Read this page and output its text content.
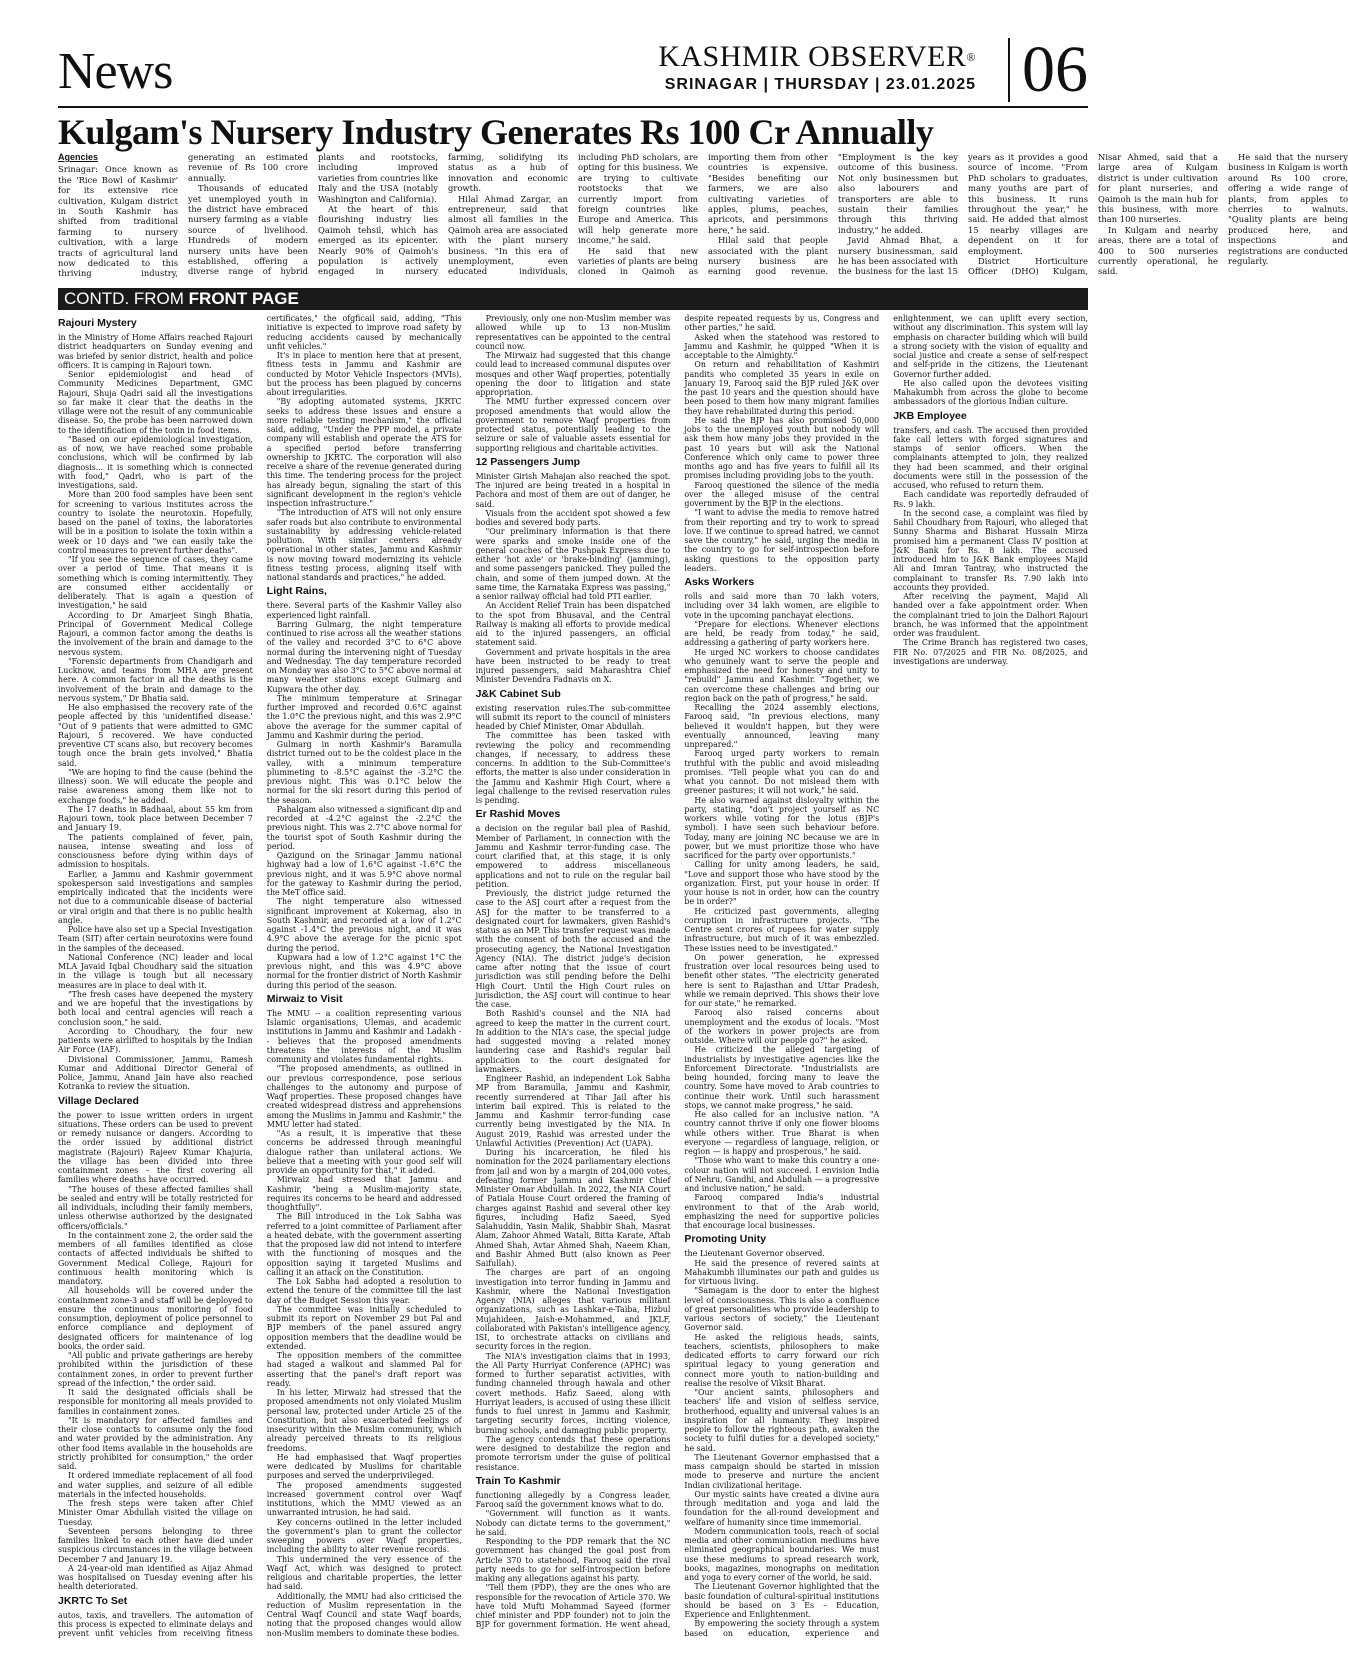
News	KASHMIR OBSERVER®
SRINAGAR | THURSDAY | 23.01.2025 06
Kulgam's Nursery Industry Generates Rs 100 Cr Annually
Agencies

Srinagar: Once known as the 'Rice Bowl of Kashmir' for its extensive rice cultivation, Kulgam district in South Kashmir has shifted from traditional farming to nursery cultivation, with a large tracts of agricultural land now dedicated to this thriving industry, generating an estimated revenue of Rs 100 crore annually.

Thousands of educated yet unemployed youth in the district have embraced nursery farming as a viable source of livelihood. Hundreds of modern nursery units have been established, offering a diverse range of hybrid plants and rootstocks, including improved varieties from countries like Italy and the USA (notably Washington and California).

At the heart of this flourishing industry lies Qaimoh tehsil, which has emerged as its epicenter. Nearly 90% of Qaimoh's population is actively engaged in nursery farming, solidifying its status as a hub of innovation and economic growth.

Hilal Ahmad Zargar, an entrepreneur, said that almost all families in the Qaimoh area are associated with the plant nursery business. "In this era of unemployment, even educated individuals, including PhD scholars, are opting for this business. We are trying to cultivate rootstocks that we currently import from foreign countries like Europe and America. This will help generate more income," he said.

He said that new varieties of plants are being cloned in Qaimoh as importing them from other countries is expensive. "Besides benefiting our farmers, we are also cultivating varieties of apples, plums, peaches, apricots, and persimmons here," he said.

Hilal said that people associated with the plant nursery business are earning good revenue. "Employment is the key outcome of this business. Not only businessmen but also labourers and transporters are able to sustain their families through this thriving industry," he added.

Javid Ahmad Bhat, a nursery businessman, said he has been associated with the business for the last 15 years as it provides a good source of income. "From PhD scholars to graduates, many youths are part of this business. It runs throughout the year," he said. He added that almost 15 nearby villages are dependent on it for employment.

District Horticulture Officer (DHO) Kulgam, Nisar Ahmed, said that a large area of Kulgam district is under cultivation for plant nurseries, and Qaimoh is the main hub for this business, with more than 100 nurseries.

In Kulgam and nearby areas, there are a total of 400 to 500 nurseries currently operational, he said.

He said that the nursery business in Kulgam is worth around Rs 100 crore, offering a wide range of plants, from apples to cherries to walnuts. "Quality plants are being produced here, and inspections and registrations are conducted regularly.

CONTD. FROM FRONT PAGE
Rajouri Mystery

in the Ministry of Home Affairs reached Rajouri district headquarters on Sunday evening and was briefed by senior district, health and police officers. It is camping in Rajouri town.

Senior epidemiologist and head of Community Medicines Department, GMC Rajouri, Shuja Qadri said all the investigations so far make it clear that the deaths in the village were not the result of any communicable disease. So, the probe has been narrowed down to the identification of the toxin in food items.

"Based on our epidemiological investigation, as of now, we have reached some probable conclusions, which will be confirmed by lab diagnosis... it is something which is connected with food," Qadri, who is part of the investigations, said.

More than 200 food samples have been sent for screening to various institutes across the country to isolate the neurotoxin. Hopefully, based on the panel of toxins, the laboratories will be in a position to isolate the toxin within a week or 10 days and "we can easily take the control measures to prevent further deaths".

"If you see the sequence of cases, they came over a period of time. That means it is something which is coming intermittently. They are consumed either accidentally or deliberately. That is again a question of investigation," he said

According to Dr Amarjeet Singh Bhatia, Principal of Government Medical College Rajouri, a common factor among the deaths is the involvement of the brain and damage to the nervous system.

"Forensic departments from Chandigarh and Lucknow, and teams from MHA are present here. A common factor in all the deaths is the involvement of the brain and damage to the nervous system," Dr Bhatia said.

He also emphasised the recovery rate of the people affected by this 'unidentified disease.' "Out of 9 patients that were admitted to GMC Rajouri, 5 recovered. We have conducted preventive CT scans also, but recovery becomes tough once the brain gets involved," Bhatia said.

"We are hoping to find the cause (behind the illness) soon. We will educate the people and raise awareness among them like not to exchange foods," he added.

The 17 deaths in Badhaal, about 55 km from Rajouri town, took place between December 7 and January 19.

The patients complained of fever, pain, nausea, intense sweating and loss of consciousness before dying within days of admission to hospitals.

Earlier, a Jammu and Kashmir government spokesperson said investigations and samples empirically indicated that the incidents were not due to a communicable disease of bacterial or viral origin and that there is no public health angle.

Police have also set up a Special Investigation Team (SIT) after certain neurotoxins were found in the samples of the deceased.

National Conference (NC) leader and local MLA Javaid Iqbal Choudhary said the situation in the village is tough but all necessary measures are in place to deal with it.

"The fresh cases have deepened the mystery and we are hopeful that the investigations by both local and central agencies will reach a conclusion soon," he said.

According to Choudhary, the four new patients were airlifted to hospitals by the Indian Air Force (IAF).

Divisional Commissioner, Jammu, Ramesh Kumar and Additional Director General of Police, Jammu, Anand Jain have also reached Kotranka to review the situation.

Village Declared

the power to issue written orders in urgent situations. These orders can be used to prevent or remedy nuisance or dangers. According to the order issued by additional district magistrate (Rajouri) Rajeev Kumar Khajuria, the village has been divided into three containment zones – the first covering all families where deaths have occurred.

"The houses of these affected families shall be sealed and entry will be totally restricted for all individuals, including their family members, unless otherwise authorized by the designated officers/officials."

In the containment zone 2, the order said the members of all families identified as close contacts of affected individuals be shifted to Government Medical College, Rajouri for continuous health monitoring which is mandatory.

All households will be covered under the containment zone-3 and staff will be deployed to ensure the continuous monitoring of food consumption, deployment of police personnel to enforce compliance and deployment of designated officers for maintenance of log books, the order said.

"All public and private gatherings are hereby prohibited within the jurisdiction of these containment zones, in order to prevent further spread of the infection," the order said.

It said the designated officials shall be responsible for monitoring all meals provided to families in containment zones.

"It is mandatory for affected families and their close contacts to consume only the food and water provided by the administration. Any other food items available in the households are strictly prohibited for consumption," the order said.

It ordered immediate replacement of all food and water supplies, and seizure of all edible materials in the infected households.

The fresh steps were taken after Chief Minister Omar Abdullah visited the village on Tuesday.

Seventeen persons belonging to three families linked to each other have died under suspicious circumstances in the village between December 7 and January 19.

A 24-year-old man identified as Aijaz Ahmad was hospitalised on Tuesday evening after his health deteriorated.

JKRTC To Set

autos, taxis, and travellers. The automation of this process is expected to eliminate delays and prevent unfit vehicles from receiving fitness certificates," the ofgficail said, adding, "This initiative is expected to improve road safety by reducing accidents caused by mechanically unfit vehicles."

It's in place to mention here that at present, fitness tests in Jammu and Kashmir are conducted by Motor Vehicle Inspectors (MVIs), but the process has been plagued by concerns about irregularities.

"By adopting automated systems, JKRTC seeks to address these issues and ensure a more reliable testing mechanism," the official said, adding, "Under the PPP model, a private company will establish and operate the ATS for a specified period before transferring ownership to JKRTC. The corporation will also receive a share of the revenue generated during this time. The tendering process for the project has already begun, signaling the start of this significant development in the region's vehicle inspection infrastructure."

"The introduction of ATS will not only ensure safer roads but also contribute to environmental sustainability by addressing vehicle-related pollution. With similar centers already operational in other states, Jammu and Kashmir is now moving toward modernizing its vehicle fitness testing process, aligning itself with national standards and practices," he added.

Light Rains,

there. Several parts of the Kashmir Valley also experienced light rainfall.

Barring Gulmarg, the night temperature continued to rise across all the weather stations of the valley and recorded 3°C to 6°C above normal during the intervening night of Tuesday and Wednesday. The day temperature recorded on Monday was also 3°C to 5°C above normal at many weather stations except Gulmarg and Kupwara the other day.

The minimum temperature at Srinagar further improved and recorded 0.6°C against the 1.0°C the previous night, and this was 2.9°C above the average for the summer capital of Jammu and Kashmir during the period.

Gulmarg in north Kashmir's Baramulla district turned out to be the coldest place in the valley, with a minimum temperature plummeting to -8.5°C against the -3.2°C the previous night. This was 0.1°C below the normal for the ski resort during this period of the season.

Pahalgam also witnessed a significant dip and recorded at -4.2°C against the -2.2°C the previous night. This was 2.7°C above normal for the tourist spot of South Kashmir during the period.

Qazigund on the Srinagar Jammu national highway had a low of 1.6°C against -1.6°C the previous night, and it was 5.9°C above normal for the gateway to Kashmir during the period, the MeT office said.

The night temperature also witnessed significant improvement at Kokernag, also in South Kashmir, and recorded at a low of 1.2°C against -1.4°C the previous night, and it was 4.9°C above the average for the picnic spot during the period.

Kupwara had a low of 1.2°C against 1°C the previous night, and this was 4.9°C above normal for the frontier district of North Kashmir during this period of the season.

Mirwaiz to Visit

The MMU -- a coalition representing various Islamic organisations, Ulemas, and academic institutions in Jammu and Kashmir and Ladakh -- believes that the proposed amendments threatens the interests of the Muslim community and violates fundamental rights.

"The proposed amendments, as outlined in our previous correspondence, pose serious challenges to the autonomy and purpose of Waqf properties. These proposed changes have created widespread distress and apprehensions among the Muslims in Jammu and Kashmir," the MMU letter had stated.

"As a result, it is imperative that these concerns be addressed through meaningful dialogue rather than unilateral actions. We believe that a meeting with your good self will provide an opportunity for that," it added.

Mirwaiz had stressed that Jammu and Kashmir, "being a Muslim-majority state, requires its concerns to be heard and addressed thoughtfully".

The Bill introduced in the Lok Sabha was referred to a joint committee of Parliament after a heated debate, with the government asserting that the proposed law did not intend to interfere with the functioning of mosques and the opposition saying it targeted Muslims and calling it an attack on the Constitution.

The Lok Sabha had adopted a resolution to extend the tenure of the committee till the last day of the Budget Session this year.

The committee was initially scheduled to submit its report on November 29 but Pal and BJP members of the panel assured angry opposition members that the deadline would be extended.

The opposition members of the committee had staged a walkout and slammed Pal for asserting that the panel's draft report was ready.

In his letter, Mirwaiz had stressed that the proposed amendments not only violated Muslim personal law, protected under Article 25 of the Constitution, but also exacerbated feelings of insecurity within the Muslim community, which already perceived threats to its religious freedoms.

He had emphasised that Waqf properties were dedicated by Muslims for charitable purposes and served the underprivileged.

The proposed amendments suggested increased government control over Waqf institutions, which the MMU viewed as an unwarranted intrusion, he had said.

Key concerns outlined in the letter included the government's plan to grant the collector sweeping powers over Waqf properties, including the ability to alter revenue records.

This undermined the very essence of the Waqf Act, which was designed to protect religious and charitable properties, the letter had said.

Additionally, the MMU had also criticised the reduction of Muslim representation in the Central Waqf Council and state Waqf boards, noting that the proposed changes would allow non-Muslim members to dominate these bodies.

Previously, only one non-Muslim member was allowed while up to 13 non-Muslim representatives can be appointed to the central council now.

The Mirwaiz had suggested that this change could lead to increased communal disputes over mosques and other Waqf properties, potentially opening the door to litigation and state appropriation.

The MMU further expressed concern over proposed amendments that would allow the government to remove Waqf properties from protected status, potentially leading to the seizure or sale of valuable assets essential for supporting religious and charitable activities.

12 Passengers Jump

Minister Girish Mahajan also reached the spot. The injured are being treated in a hospital in Pachora and most of them are out of danger, he said.

Visuals from the accident spot showed a few bodies and severed body parts.

"Our preliminary information is that there were sparks and smoke inside one of the general coaches of the Pushpak Express due to either 'hot axle' or 'brake-binding' (jamming), and some passengers panicked. They pulled the chain, and some of them jumped down. At the same time, the Karnataka Express was passing," a senior railway official had told PTI earlier.

An Accident Relief Train has been dispatched to the spot from Bhusaval, and the Central Railway is making all efforts to provide medical aid to the injured passengers, an official statement said.

Government and private hospitals in the area have been instructed to be ready to treat injured passengers, said Maharashtra Chief Minister Devendra Fadnavis on X.

J&K Cabinet Sub

existing reservation rules.The sub-committee will submit its report to the council of ministers headed by Chief Minister, Omar Abdullah.

The committee has been tasked with reviewing the policy and recommending changes, if necessary, to address these concerns. In addition to the Sub-Committee's efforts, the matter is also under consideration in the Jammu and Kashmir High Court, where a legal challenge to the revised reservation rules is pending.

Er Rashid Moves

a decision on the regular bail plea of Rashid, Member of Parliament, in connection with the Jammu and Kashmir terror-funding case. The court clarified that, at this stage, it is only empowered to address miscellaneous applications and not to rule on the regular bail petition.

Previously, the district judge returned the case to the ASJ court after a request from the ASJ for the matter to be transferred to a designated court for lawmakers, given Rashid's status as an MP. This transfer request was made with the consent of both the accused and the prosecuting agency, the National Investigation Agency (NIA). The district judge's decision came after noting that the issue of court jurisdiction was still pending before the Delhi High Court. Until the High Court rules on jurisdiction, the ASJ court will continue to hear the case.

Both Rashid's counsel and the NIA had agreed to keep the matter in the current court. In addition to the NIA's case, the special judge had suggested moving a related money laundering case and Rashid's regular bail application to the court designated for lawmakers.

Engineer Rashid, an independent Lok Sabha MP from Baramulla, Jammu and Kashmir, recently surrendered at Tihar Jail after his interim bail expired. This is related to the Jammu and Kashmir terror-funding case currently being investigated by the NIA. In August 2019, Rashid was arrested under the Unlawful Activities (Prevention) Act (UAPA).

During his incarceration, he filed his nomination for the 2024 parliamentary elections from jail and won by a margin of 204,000 votes, defeating former Jammu and Kashmir Chief Minister Omar Abdullah. In 2022, the NIA Court of Patiala House Court ordered the framing of charges against Rashid and several other key figures, including Hafiz Saeed, Syed Salahuddin, Yasin Malik, Shabbir Shah, Masrat Alam, Zahoor Ahmed Watali, Bitta Karate, Aftab Ahmed Shah, Avtar Ahmed Shah, Naeem Khan, and Bashir Ahmed Butt (also known as Peer Saifullah).

The charges are part of an ongoing investigation into terror funding in Jammu and Kashmir, where the National Investigation Agency (NIA) alleges that various militant organizations, such as Lashkar-e-Taiba, Hizbul Mujahideen, Jaish-e-Mohammed, and JKLF, collaborated with Pakistan's intelligence agency, ISI, to orchestrate attacks on civilians and security forces in the region.

The NIA's investigation claims that in 1993, the All Party Hurriyat Conference (APHC) was formed to further separatist activities, with funding channeled through hawala and other covert methods. Hafiz Saeed, along with Hurriyat leaders, is accused of using these illicit funds to fuel unrest in Jammu and Kashmir, targeting security forces, inciting violence, burning schools, and damaging public property.

The agency contends that these operations were designed to destabilize the region and promote terrorism under the guise of political resistance.

Train To Kashmir

functioning allegedly by a Congress leader, Farooq said the government knows what to do.

"Government will function as it wants. Nobody can dictate terms to the government," he said.

Responding to the PDP remark that the NC government has changed the goal post from Article 370 to statehood, Farooq said the rival party needs to go for self-introspection before making any allegations against his party.

"Tell them (PDP), they are the ones who are responsible for the revocation of Article 370. We have told Mufti Mohammad Sayeed (former chief minister and PDP founder) not to join the BJP for government formation. He went ahead, despite repeated requests by us, Congress and other parties," he said.

Asked when the statehood was restored to Jammu and Kashmir, he quipped "When it is acceptable to the Almighty."

On return and rehabilitation of Kashmiri pandits who completed 35 years in exile on January 19, Farooq said the BJP ruled J&K over the past 10 years and the question should have been posed to them how many migrant families they have rehabilitated during this period.

He said the BJP has also promised 50,000 jobs to the unemployed youth but nobody will ask them how many jobs they provided in the past 10 years but will ask the National Conference which only came to power three months ago and has five years to fulfill all its promises including providing jobs to the youth.

Farooq questioned the silence of the media over the alleged misuse of the central government by the BJP in the elections.

"I want to advise the media to remove hatred from their reporting and try to work to spread love. If we continue to spread hatred, we cannot save the country," he said, urging the media in the country to go for self-introspection before asking questions to the opposition party leaders.

Asks Workers

rolls and said more than 70 lakh voters, including over 34 lakh women, are eligible to vote in the upcoming panchayat elections.

"Prepare for elections. Whenever elections are held, be ready from today," he said, addressing a gathering of party workers here.

He urged NC workers to choose candidates who genuinely want to serve the people and emphasized the need for honesty and unity to "rebuild" Jammu and Kashmir. "Together, we can overcome these challenges and bring our region back on the path of progress," he said.

Recalling the 2024 assembly elections, Farooq said, "In previous elections, many believed it wouldn't happen, but they were eventually announced, leaving many unprepared."

Farooq urged party workers to remain truthful with the public and avoid misleading promises. "Tell people what you can do and what you cannot. Do not mislead them with greener pastures; it will not work," he said.

He also warned against disloyalty within the party, stating, "don't project yourself as NC workers while voting for the lotus (BJP's symbol). I have seen such behaviour before. Today, many are joining NC because we are in power, but we must prioritize those who have sacrificed for the party over opportunists."

Calling for unity among leaders, he said, "Love and support those who have stood by the organization. First, put your house in order. If your house is not in order, how can the country be in order?"

He criticized past governments, alleging corruption in infrastructure projects. "The Centre sent crores of rupees for water supply infrastructure, but much of it was embezzled. These issues need to be investigated."

On power generation, he expressed frustration over local resources being used to benefit other states. "The electricity generated here is sent to Rajasthan and Uttar Pradesh, while we remain deprived. This shows their love for our state," he remarked.

Farooq also raised concerns about unemployment and the exodus of locals. "Most of the workers in power projects are from outside. Where will our people go?" he asked.

He criticized the alleged targeting of industrialists by investigative agencies like the Enforcement Directorate. "Industrialists are being hounded, forcing many to leave the country. Some have moved to Arab countries to continue their work. Until such harassment stops, we cannot make progress," he said.

He also called for an inclusive nation. "A country cannot thrive if only one flower blooms while others wither. True Bharat is when everyone — regardless of language, religion, or region — is happy and prosperous," he said.

"Those who want to make this country a one-colour nation will not succeed. I envision India of Nehru, Gandhi, and Abdullah — a progressive and inclusive nation," he said.

Farooq compared India's industrial environment to that of the Arab world, emphasizing the need for supportive policies that encourage local businesses.

Promoting Unity

the Lieutenant Governor observed.

He said the presence of revered saints at Mahakumbh illuminates our path and guides us for virtuous living.

"Samagam is the door to enter the highest level of consciousness. This is also a confluence of great personalities who provide leadership to various sectors of society," the Lieutenant Governor said.

He asked the religious heads, saints, teachers, scientists, philosophers to make dedicated efforts to carry forward our rich spiritual legacy to young generation and connect more youth to nation-building and realise the resolve of Viksit Bharat.

"Our ancient saints, philosophers and teachers' life and vision of selfless service, brotherhood, equality and universal values is an inspiration for all humanity. They inspired people to follow the righteous path, awaken the society to fulfil duties for a developed society," he said.

The Lieutenant Governor emphasised that a mass campaign should be started in mission mode to preserve and nurture the ancient Indian civilizational heritage.

Our mystic saints have created a divine aura through meditation and yoga and laid the foundation for the all-round development and welfare of humanity since time immemorial.

Modern communication tools, reach of social media and other communication mediums have eliminated geographical boundaries. We must use these mediums to spread research work, books, magazines, monographs on meditation and yoga to every corner of the world, he said.

The Lieutenant Governor highlighted that the basic foundation of cultural-spiritual institutions should be based on 3 Es – Education, Experience and Enlightenment.

By empowering the society through a system based on education, experience and enlightenment, we can uplift every section, without any discrimination. This system will lay emphasis on character building which will build a strong society with the vision of equality and social justice and create a sense of self-respect and self-pride in the citizens, the Lieutenant Governor further added.

He also called upon the devotees visiting Mahakumbh from across the globe to become ambassadors of the glorious Indian culture.

JKB Employee

transfers, and cash. The accused then provided fake call letters with forged signatures and stamps of senior officers. When the complainants attempted to join, they realized they had been scammed, and their original documents were still in the possession of the accused, who refused to return them.

Each candidate was reportedly defrauded of Rs. 9 lakh.

In the second case, a complaint was filed by Sahil Choudhary from Rajouri, who alleged that Sunny Sharma and Bisharat Hussain Mirza promised him a permanent Class IV position at J&K Bank for Rs. 8 lakh. The accused introduced him to J&K Bank employees Majid Ali and Imran Tantray, who instructed the complainant to transfer Rs. 7.90 lakh into accounts they provided.

After receiving the payment, Majid Ali handed over a fake appointment order. When the complainant tried to join the Dalhori Rajouri branch, he was informed that the appointment order was fraudulent.

The Crime Branch has registered two cases, FIR No. 07/2025 and FIR No. 08/2025, and investigations are underway.
